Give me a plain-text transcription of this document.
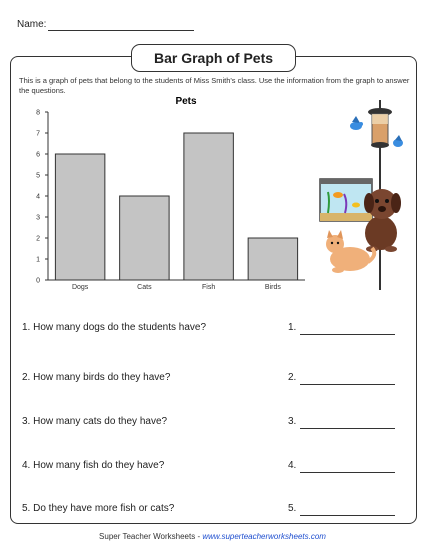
Name:
Bar Graph of Pets
This is a graph of pets that belong to the students of Miss Smith's class. Use the information from the graph to answer the questions.
Pets
0
1
2
3
4
5
6
7
8
Dogs	Cats	Fish	Birds
1. How many dogs do the students have?	1.
2. How many birds do they have?	2.
3. How many cats do they have?	3.
4. How many fish do they have?	4.
5. Do they have more fish or cats?	5.
Super Teacher Worksheets - www.superteacherworksheets.com
